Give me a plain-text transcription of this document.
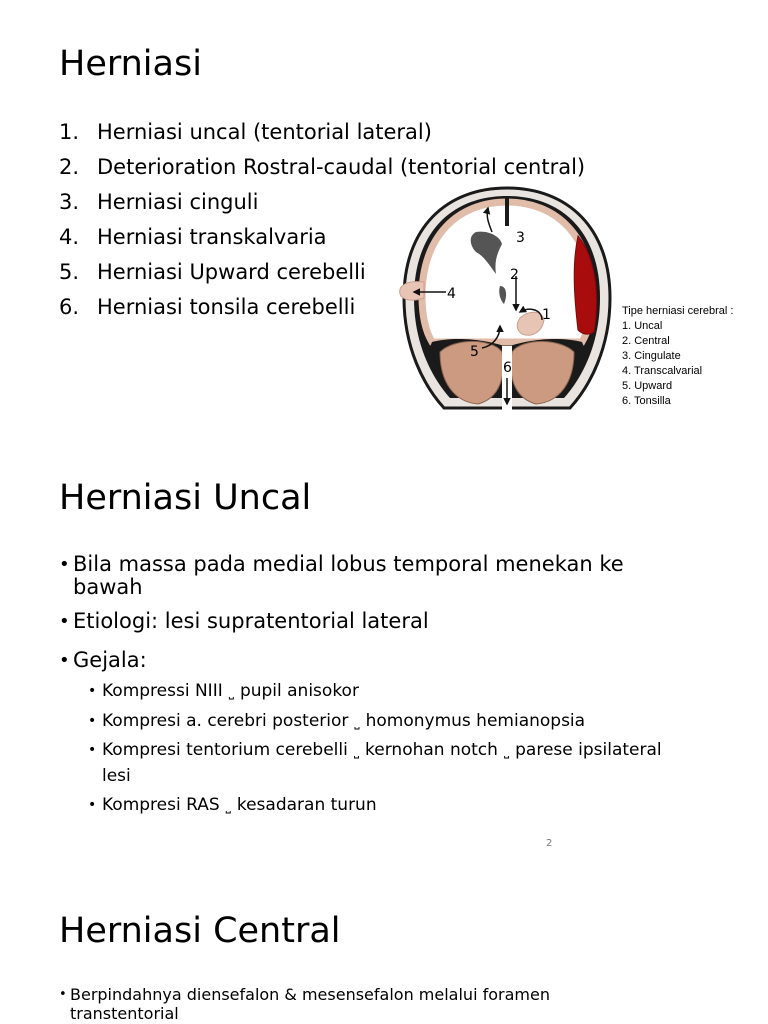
Herniasi
1. Herniasi uncal (tentorial lateral)
2. Deterioration Rostral-caudal (tentorial central)
3. Herniasi cinguli
4. Herniasi transkalvaria
5. Herniasi Upward cerebelli
6. Herniasi tonsila cerebelli	1
2
3
4
5
6
Tipe herniasi cerebral :
1. Uncal
2. Central
3. Cingulate
4. Transcalvarial
5. Upward
6. Tonsilla
Herniasi Uncal
• Bila massa pada medial lobus temporal menekan ke bawah
• Etiologi: lesi supratentorial lateral
• Gejala:
• Kompressi NIII ⎵ pupil anisokor
• Kompresi a. cerebri posterior ⎵ homonymus hemianopsia
• Kompresi tentorium cerebelli ⎵ kernohan notch ⎵ parese ipsilateral lesi
• Kompresi RAS ⎵ kesadaran turun
2
Herniasi Central
• Berpindahnya diensefalon & mesensefalon melalui foramen transtentorial
